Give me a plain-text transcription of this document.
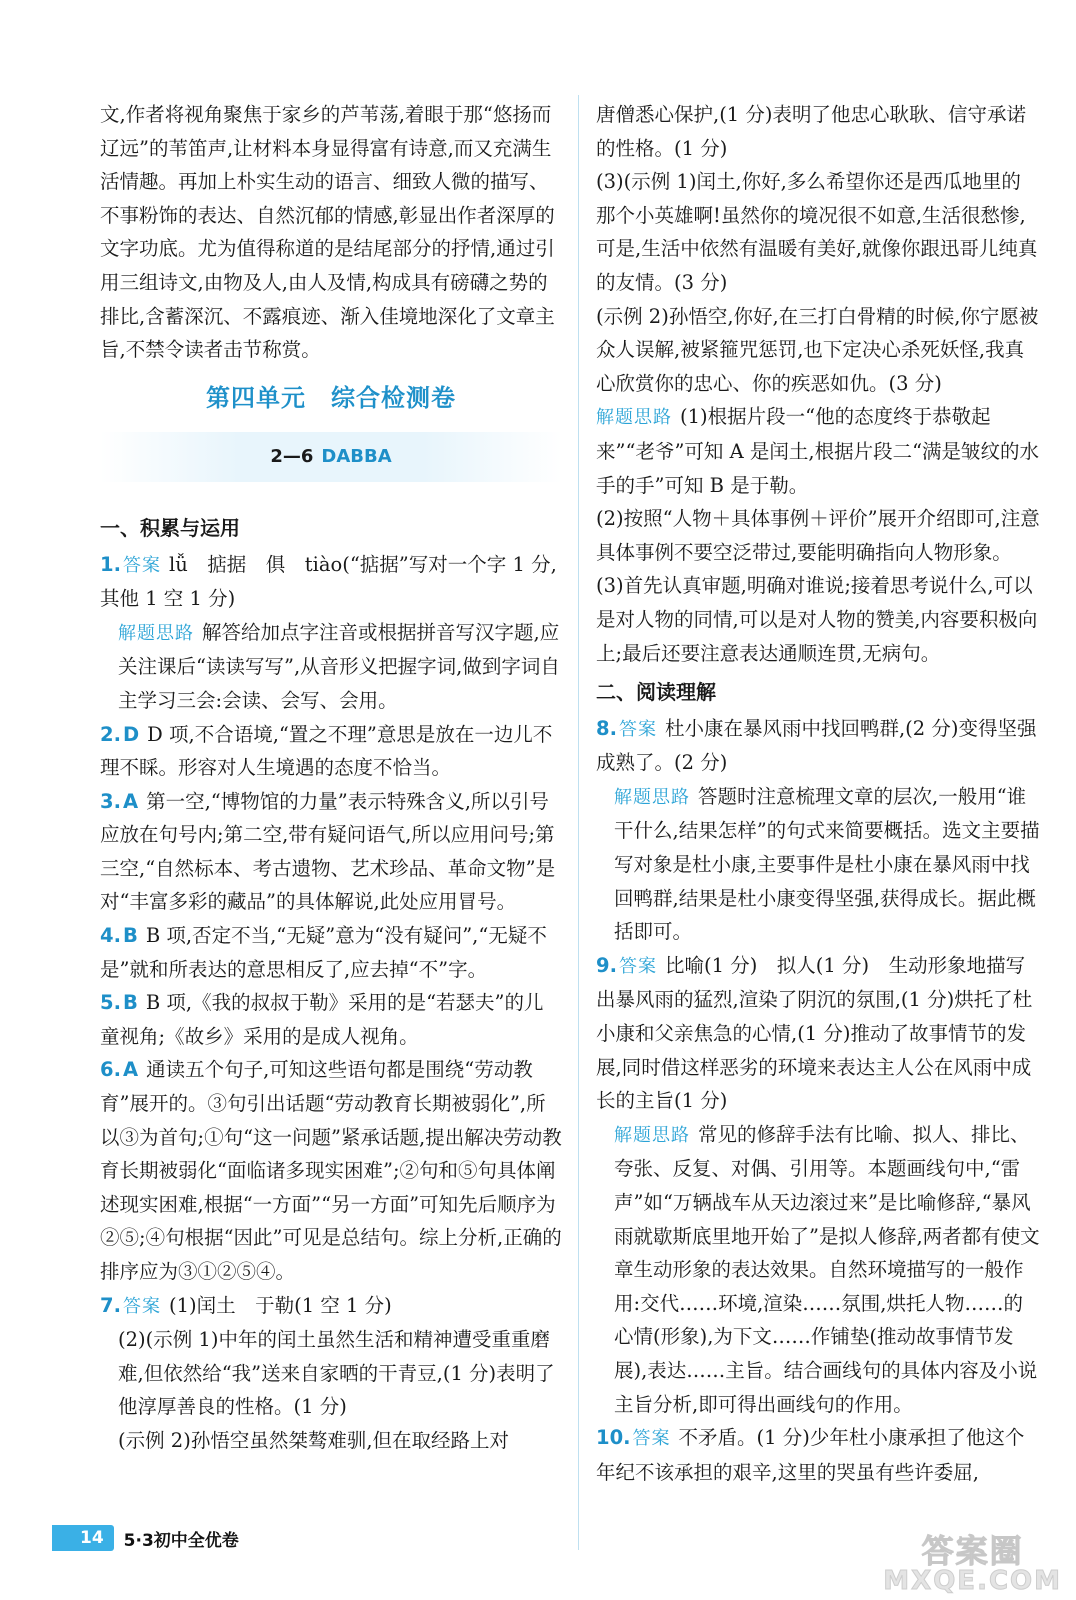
文,作者将视角聚焦于家乡的芦苇荡,着眼于那“悠扬而辽远”的苇笛声,让材料本身显得富有诗意,而又充满生活情趣。再加上朴实生动的语言、细致人微的描写、不事粉饰的表达、自然沉郁的情感,彰显出作者深厚的文字功底。尤为值得称道的是结尾部分的抒情,通过引用三组诗文,由物及人,由人及情,构成具有磅礴之势的排比,含蓄深沉、不露痕迹、渐入佳境地深化了文章主旨,不禁令读者击节称赏。

第四单元　综合检测卷
2—6 DABBA
一、积累与运用

1. 答案 lǚ　掂据　俱　tiào(“掂据”写对一个字 1 分,其他 1 空 1 分)

解题思路 解答给加点字注音或根据拼音写汉字题,应关注课后“读读写写”,从音形义把握字词,做到字词自主学习三会:会读、会写、会用。

2. D D 项,不合语境,“置之不理”意思是放在一边儿不理不睬。形容对人生境遇的态度不恰当。

3. A 第一空,“博物馆的力量”表示特殊含义,所以引号应放在句号内;第二空,带有疑问语气,所以应用问号;第三空,“自然标本、考古遗物、艺术珍品、革命文物”是对“丰富多彩的藏品”的具体解说,此处应用冒号。

4. B B 项,否定不当,“无疑”意为“没有疑问”,“无疑不是”就和所表达的意思相反了,应去掉“不”字。

5. B B 项,《我的叔叔于勒》采用的是“若瑟夫”的儿童视角;《故乡》采用的是成人视角。

6. A 通读五个句子,可知这些语句都是围绕“劳动教育”展开的。③句引出话题“劳动教育长期被弱化”,所以③为首句;①句“这一问题”紧承话题,提出解决劳动教育长期被弱化“面临诸多现实困难”;②句和⑤句具体阐述现实困难,根据“一方面”“另一方面”可知先后顺序为②⑤;④句根据“因此”可见是总结句。综上分析,正确的排序应为③①②⑤④。

7. 答案 (1)闰土　于勒(1 空 1 分)

(2)(示例 1)中年的闰土虽然生活和精神遭受重重磨难,但依然给“我”送来自家晒的干青豆,(1 分)表明了他淳厚善良的性格。(1 分)

(示例 2)孙悟空虽然桀骜难驯,但在取经路上对

唐僧悉心保护,(1 分)表明了他忠心耿耿、信守承诺的性格。(1 分)

(3)(示例 1)闰土,你好,多么希望你还是西瓜地里的那个小英雄啊!虽然你的境况很不如意,生活很愁惨,可是,生活中依然有温暖有美好,就像你跟迅哥儿纯真的友情。(3 分)

(示例 2)孙悟空,你好,在三打白骨精的时候,你宁愿被众人误解,被紧箍咒惩罚,也下定决心杀死妖怪,我真心欣赏你的忠心、你的疾恶如仇。(3 分)

解题思路 (1)根据片段一“他的态度终于恭敬起来”“老爷”可知 A 是闰土,根据片段二“满是皱纹的水手的手”可知 B 是于勒。

(2)按照“人物＋具体事例＋评价”展开介绍即可,注意具体事例不要空泛带过,要能明确指向人物形象。

(3)首先认真审题,明确对谁说;接着思考说什么,可以是对人物的同情,可以是对人物的赞美,内容要积极向上;最后还要注意表达通顺连贯,无病句。

二、阅读理解

8. 答案 杜小康在暴风雨中找回鸭群,(2 分)变得坚强成熟了。(2 分)

解题思路 答题时注意梳理文章的层次,一般用“谁干什么,结果怎样”的句式来简要概括。选文主要描写对象是杜小康,主要事件是杜小康在暴风雨中找回鸭群,结果是杜小康变得坚强,获得成长。据此概括即可。

9. 答案 比喻(1 分)　拟人(1 分)　生动形象地描写出暴风雨的猛烈,渲染了阴沉的氛围,(1 分)烘托了杜小康和父亲焦急的心情,(1 分)推动了故事情节的发展,同时借这样恶劣的环境来表达主人公在风雨中成长的主旨(1 分)

解题思路 常见的修辞手法有比喻、拟人、排比、夸张、反复、对偶、引用等。本题画线句中,“雷声”如“万辆战车从天边滚过来”是比喻修辞,“暴风雨就歇斯底里地开始了”是拟人修辞,两者都有使文章生动形象的表达效果。自然环境描写的一般作用:交代……环境,渲染……氛围,烘托人物……的心情(形象),为下文……作铺垫(推动故事情节发展),表达……主旨。结合画线句的具体内容及小说主旨分析,即可得出画线句的作用。

10. 答案 不矛盾。(1 分)少年杜小康承担了他这个年纪不该承担的艰辛,这里的哭虽有些许委屈,

14	5·3初中全优卷	答案圈
MXQE.COM
